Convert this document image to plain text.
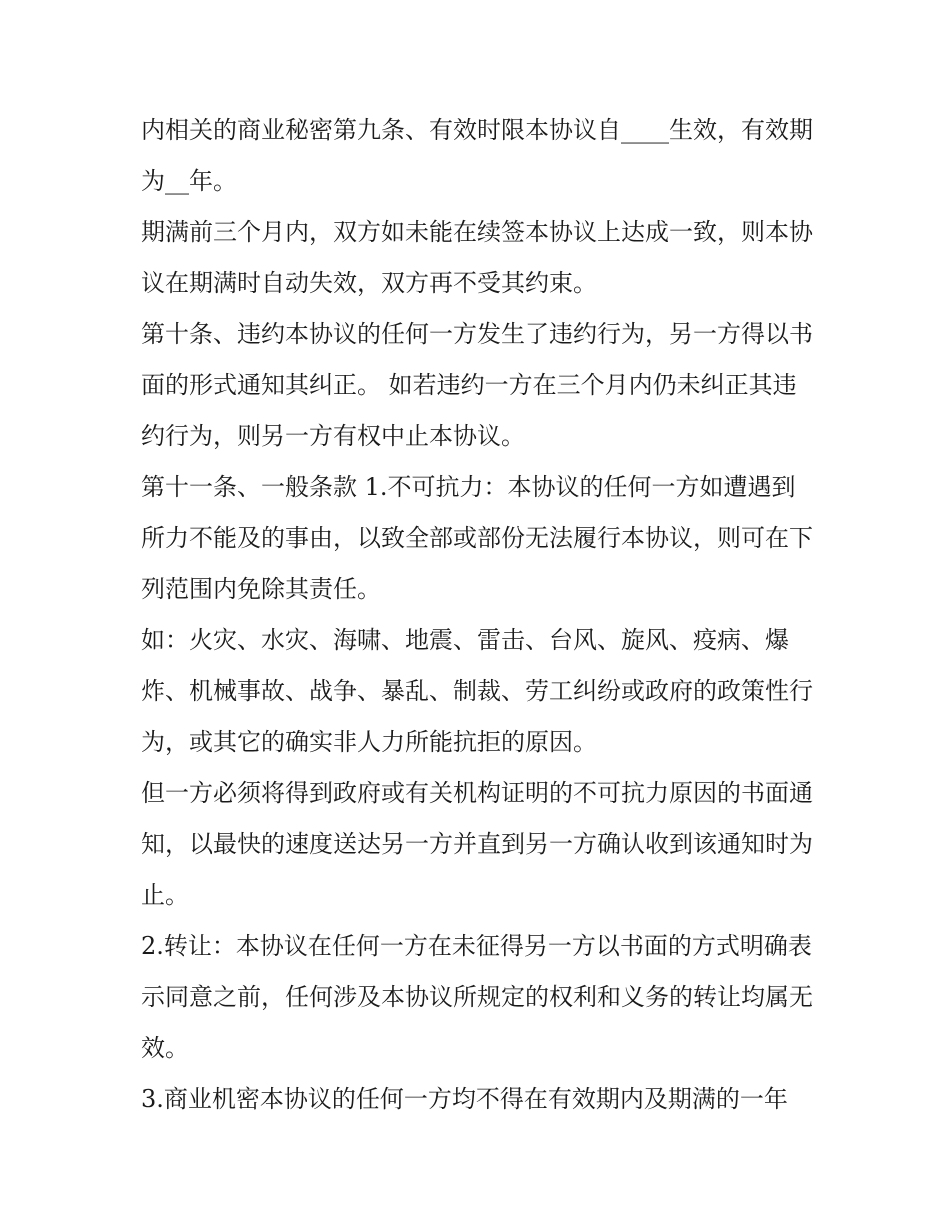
内相关的商业秘密第九条、有效时限本协议自____生效，有效期为__年。

期满前三个月内，双方如未能在续签本协议上达成一致，则本协议在期满时自动失效，双方再不受其约束。

第十条、违约本协议的任何一方发生了违约行为，另一方得以书面的形式通知其纠正。 如若违约一方在三个月内仍未纠正其违约行为，则另一方有权中止本协议。

第十一条、一般条款 1.不可抗力：本协议的任何一方如遭遇到所力不能及的事由，以致全部或部份无法履行本协议，则可在下列范围内免除其责任。

如：火灾、水灾、海啸、地震、雷击、台风、旋风、疫病、爆炸、机械事故、战争、暴乱、制裁、劳工纠纷或政府的政策性行为，或其它的确实非人力所能抗拒的原因。

但一方必须将得到政府或有关机构证明的不可抗力原因的书面通知，以最快的速度送达另一方并直到另一方确认收到该通知时为止。

2.转让：本协议在任何一方在未征得另一方以书面的方式明确表示同意之前，任何涉及本协议所规定的权利和义务的转让均属无效。

3.商业机密本协议的任何一方均不得在有效期内及期满的一年
